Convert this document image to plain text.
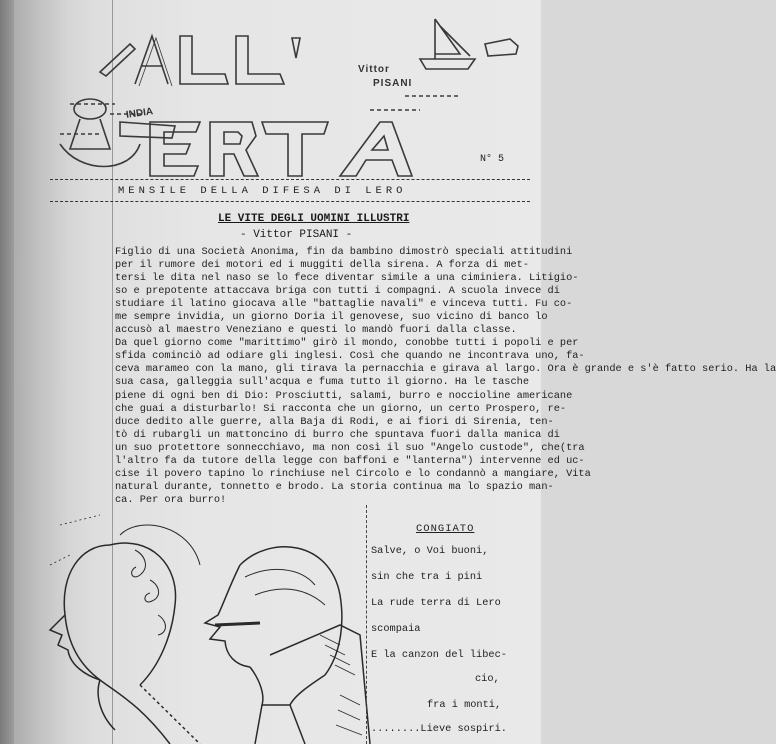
Vittor
PISANI
INDIA
N° 5
MENSILE DELLA DIFESA DI LERO
LE VITE DEGLI UOMINI ILLUSTRI
- Vittor PISANI -
Figlio di una Società Anonima, fin da bambino dimostrò speciali attitudini
per il rumore dei motori ed i muggiti della sirena. A forza di met-
tersi le dita nel naso se lo fece diventar simile a una ciminiera. Litigio-
so e prepotente attaccava briga con tutti i compagni. A scuola invece di
studiare il latino giocava alle "battaglie navali" e vinceva tutti. Fu co-
me sempre invidia, un giorno Doria il genovese, suo vicino di banco lo
accusò al maestro Veneziano e questi lo mandò fuori dalla classe.
Da quel giorno come "marittimo" girò il mondo, conobbe tutti i popoli e per
sfida cominciò ad odiare gli inglesi. Così che quando ne incontrava uno, fa-
ceva marameo con la mano, gli tirava la pernacchia e girava al largo. Ora è grande e s'è fatto serio. Ha la
sua casa, galleggia sull'acqua e fuma tutto il giorno. Ha le tasche
piene di ogni ben di Dio: Prosciutti, salami, burro e noccioline americane
che guai a disturbarlo! Si racconta che un giorno, un certo Prospero, re-
duce dedito alle guerre, alla Baja di Rodi, e ai fiori di Sirenia, ten-
tò di rubargli un mattoncino di burro che spuntava fuori dalla manica di
un suo protettore sonnecchiavo, ma non così il suo "Angelo custode", che(tra
l'altro fa da tutore della legge con baffoni e "lanterna") intervenne ed uc-
cise il povero tapino lo rinchiuse nel Circolo e lo condannò a mangiare, Vita
natural durante, tonnetto e brodo. La storia continua ma lo spazio man-
ca. Per ora burro!
CONGIATO
Salve, o Voi buoni,
sin che tra i pini
La rude terra di Lero
scompaia
E la canzon del libec-
cio,
fra i monti,
........Lieve sospiri.
